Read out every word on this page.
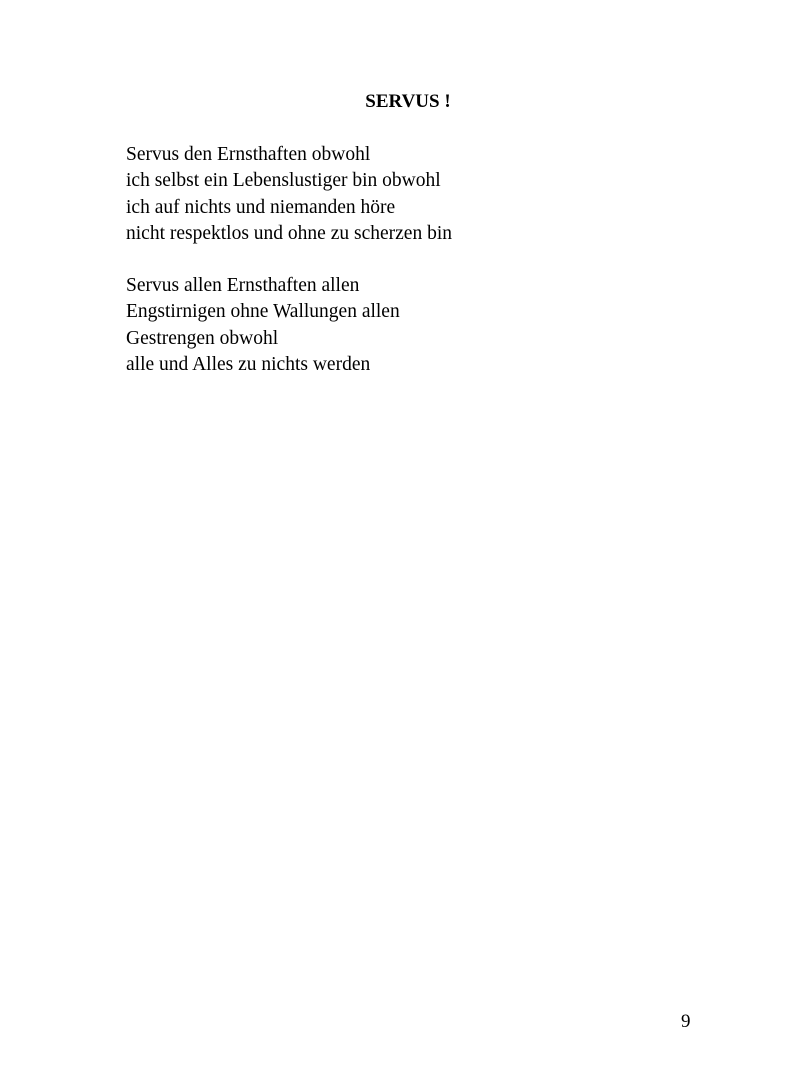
SERVUS !
Servus den Ernsthaften obwohl
ich selbst ein Lebenslustiger bin obwohl
ich auf nichts und niemanden höre
nicht respektlos und ohne zu scherzen bin
Servus allen Ernsthaften allen
Engstirnigen ohne Wallungen allen
Gestrengen obwohl
alle und Alles zu nichts werden
9
